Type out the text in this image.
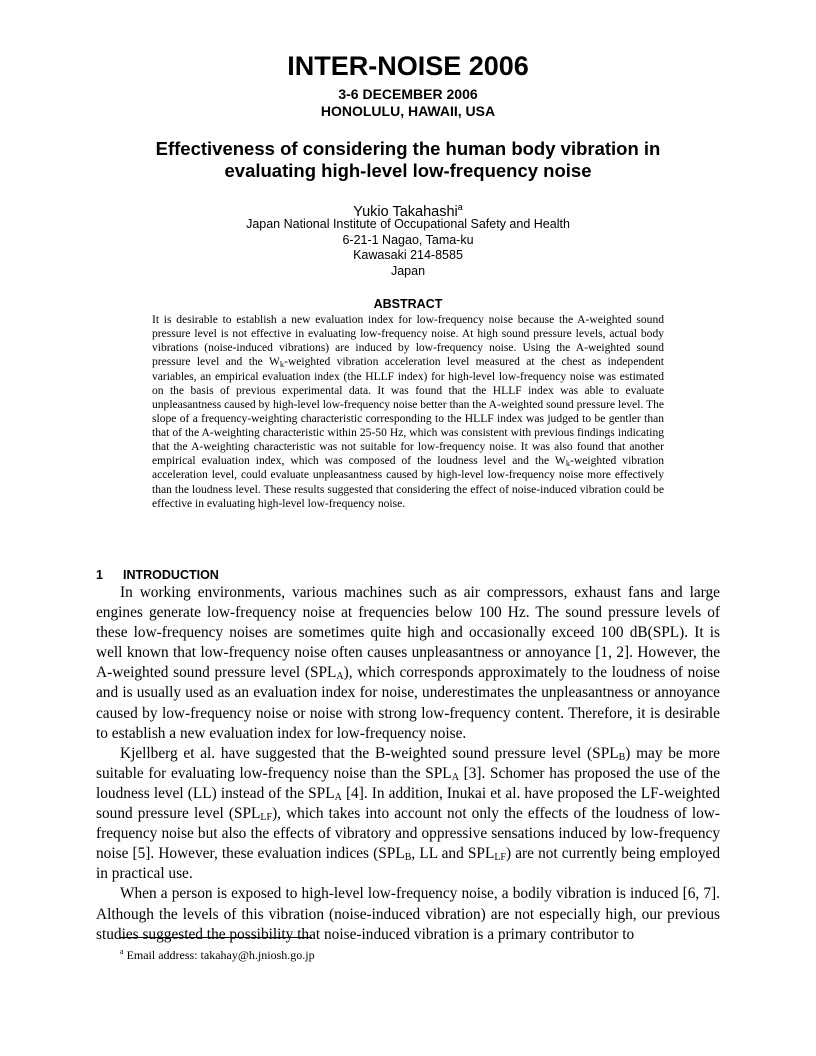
INTER-NOISE 2006
3-6 DECEMBER 2006
HONOLULU, HAWAII, USA
Effectiveness of considering the human body vibration in evaluating high-level low-frequency noise
Yukio Takahashi$^a$
Japan National Institute of Occupational Safety and Health
6-21-1 Nagao, Tama-ku
Kawasaki 214-8585
Japan
ABSTRACT
It is desirable to establish a new evaluation index for low-frequency noise because the A-weighted sound pressure level is not effective in evaluating low-frequency noise. At high sound pressure levels, actual body vibrations (noise-induced vibrations) are induced by low-frequency noise. Using the A-weighted sound pressure level and the $W_k$-weighted vibration acceleration level measured at the chest as independent variables, an empirical evaluation index (the HLLF index) for high-level low-frequency noise was estimated on the basis of previous experimental data. It was found that the HLLF index was able to evaluate unpleasantness caused by high-level low-frequency noise better than the A-weighted sound pressure level. The slope of a frequency-weighting characteristic corresponding to the HLLF index was judged to be gentler than that of the A-weighting characteristic within 25-50 Hz, which was consistent with previous findings indicating that the A-weighting characteristic was not suitable for low-frequency noise. It was also found that another empirical evaluation index, which was composed of the loudness level and the $W_k$-weighted vibration acceleration level, could evaluate unpleasantness caused by high-level low-frequency noise more effectively than the loudness level. These results suggested that considering the effect of noise-induced vibration could be effective in evaluating high-level low-frequency noise.
1 INTRODUCTION

In working environments, various machines such as air compressors, exhaust fans and large engines generate low-frequency noise at frequencies below 100 Hz. The sound pressure levels of these low-frequency noises are sometimes quite high and occasionally exceed 100 dB(SPL). It is well known that low-frequency noise often causes unpleasantness or annoyance [1, 2]. However, the A-weighted sound pressure level $(SPL_A)$, which corresponds approximately to the loudness of noise and is usually used as an evaluation index for noise, underestimates the unpleasantness or annoyance caused by low-frequency noise or noise with strong low-frequency content. Therefore, it is desirable to establish a new evaluation index for low-frequency noise.

Kjellberg et al. have suggested that the B-weighted sound pressure level $(SPL_B)$ may be more suitable for evaluating low-frequency noise than the $SPL_A$ [3]. Schomer has proposed the use of the loudness level (LL) instead of the $SPL_A$ [4]. In addition, Inukai et al. have proposed the LF-weighted sound pressure level $(SPL_{LF})$, which takes into account not only the effects of the loudness of low-frequency noise but also the effects of vibratory and oppressive sensations induced by low-frequency noise [5]. However, these evaluation indices ($SPL_B$, LL and $SPL_{LF}$) are not currently being employed in practical use.

When a person is exposed to high-level low-frequency noise, a bodily vibration is induced [6, 7]. Although the levels of this vibration (noise-induced vibration) are not especially high, our previous studies suggested the possibility that noise-induced vibration is a primary contributor to

$^a$ Email address: takahay@h.jniosh.go.jp
